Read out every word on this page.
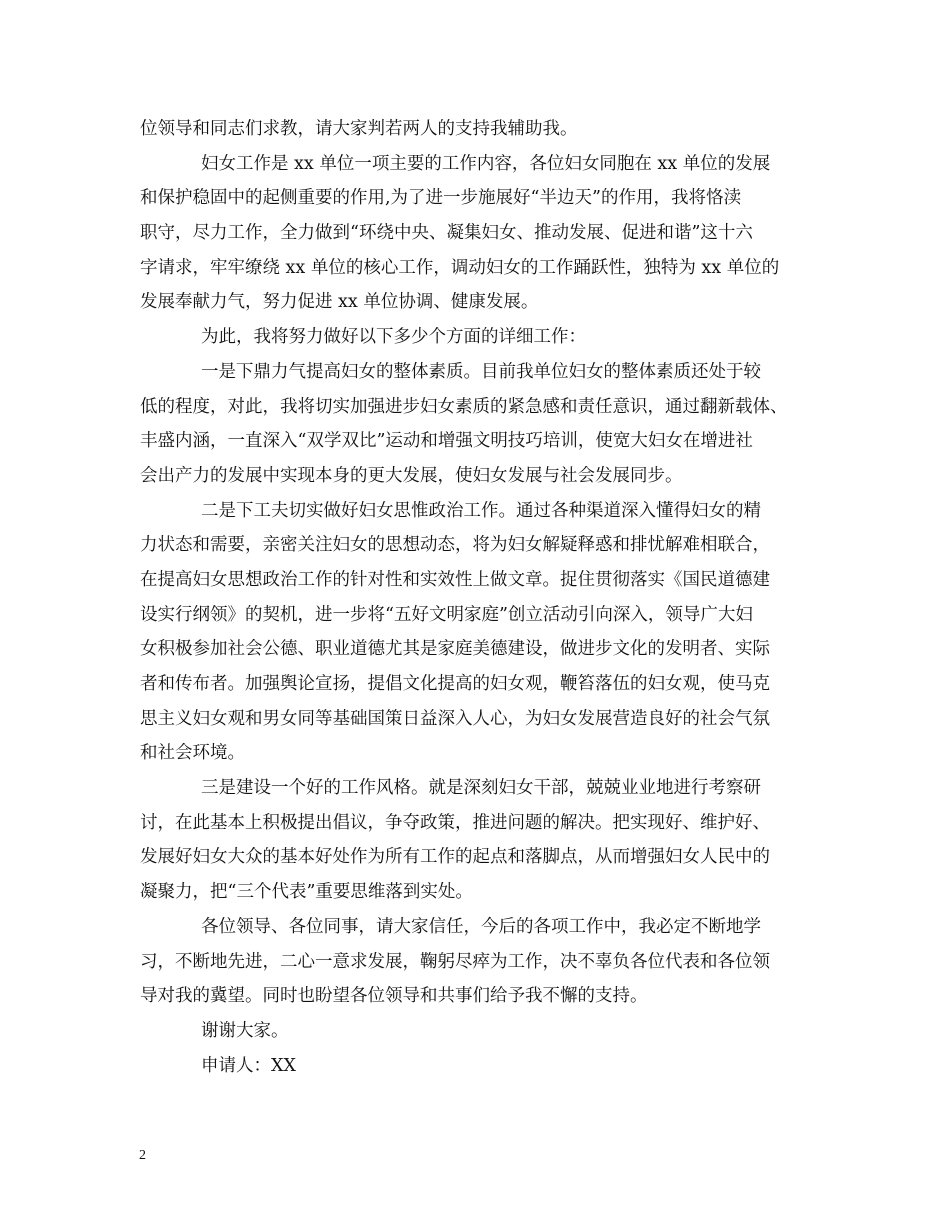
位领导和同志们求教，请大家判若两人的支持我辅助我。
妇女工作是 xx 单位一项主要的工作内容，各位妇女同胞在 xx 单位的发展
和保护稳固中的起侧重要的作用,为了进一步施展好“半边天”的作用，我将恪渎
职守，尽力工作，全力做到“环绕中央、凝集妇女、推动发展、促进和谐”这十六
字请求，牢牢缭绕 xx 单位的核心工作，调动妇女的工作踊跃性，独特为 xx 单位的
发展奉献力气，努力促进 xx 单位协调、健康发展。
为此，我将努力做好以下多少个方面的详细工作：
一是下鼎力气提高妇女的整体素质。目前我单位妇女的整体素质还处于较
低的程度，对此，我将切实加强进步妇女素质的紧急感和责任意识，通过翻新载体、
丰盛内涵，一直深入“双学双比”运动和增强文明技巧培训，使宽大妇女在增进社
会出产力的发展中实现本身的更大发展，使妇女发展与社会发展同步。
二是下工夫切实做好妇女思惟政治工作。通过各种渠道深入懂得妇女的精
力状态和需要，亲密关注妇女的思想动态，将为妇女解疑释惑和排忧解难相联合，
在提高妇女思想政治工作的针对性和实效性上做文章。捉住贯彻落实《国民道德建
设实行纲领》的契机，进一步将“五好文明家庭”创立活动引向深入，领导广大妇
女积极参加社会公德、职业道德尤其是家庭美德建设，做进步文化的发明者、实际
者和传布者。加强舆论宣扬，提倡文化提高的妇女观，鞭笞落伍的妇女观，使马克
思主义妇女观和男女同等基础国策日益深入人心，为妇女发展营造良好的社会气氛
和社会环境。
三是建设一个好的工作风格。就是深刻妇女干部，兢兢业业地进行考察研
讨，在此基本上积极提出倡议，争夺政策，推进问题的解决。把实现好、维护好、
发展好妇女大众的基本好处作为所有工作的起点和落脚点，从而增强妇女人民中的
凝聚力，把“三个代表”重要思维落到实处。
各位领导、各位同事，请大家信任，今后的各项工作中，我必定不断地学
习，不断地先进，二心一意求发展，鞠躬尽瘁为工作，决不辜负各位代表和各位领
导对我的冀望。同时也盼望各位领导和共事们给予我不懈的支持。
谢谢大家。
申请人：XX
2
